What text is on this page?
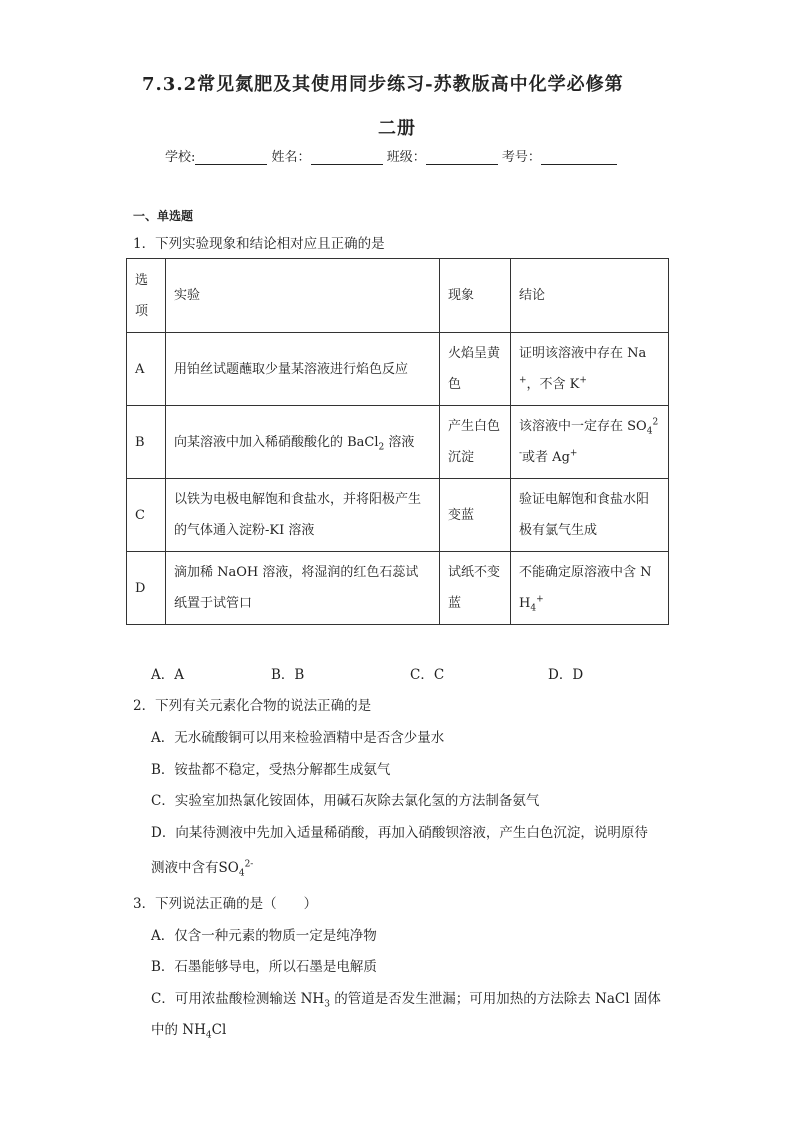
7.3.2常见氮肥及其使用同步练习-苏教版高中化学必修第
二册
学校:	姓名：	班级：	考号：
一、单选题
1．下列实验现象和结论相对应且正确的是
选项	实验	现象	结论
A	用铂丝试题蘸取少量某溶液进行焰色反应	火焰呈黄色	证明该溶液中存在 Na+，不含 K+

B	向某溶液中加入稀硝酸酸化的 BaCl$_2$ 溶液	产生白色沉淀	该溶液中一定存在 $SO_4^{2-}$或者 Ag+

C	以铁为电极电解饱和食盐水，并将阳极产生的气体通入淀粉-KI 溶液	变蓝	验证电解饱和食盐水阳极有氯气生成

D	滴加稀 NaOH 溶液，将湿润的红色石蕊试纸置于试管口	试纸不变蓝	不能确定原溶液中含 $NH_4^+$
A．A	B．B	C．C	D．D
2．下列有关元素化合物的说法正确的是
A．无水硫酸铜可以用来检验酒精中是否含少量水
B．铵盐都不稳定，受热分解都生成氨气
C．实验室加热氯化铵固体，用碱石灰除去氯化氢的方法制备氨气
D．向某待测液中先加入适量稀硝酸，再加入硝酸钡溶液，产生白色沉淀，说明原待
测液中含有$SO_4^{2-}$
3．下列说法正确的是（　　）
A．仅含一种元素的物质一定是纯净物
B．石墨能够导电，所以石墨是电解质
C．可用浓盐酸检测输送 $NH_3$ 的管道是否发生泄漏；可用加热的方法除去 NaCl 固体
中的 $NH_4Cl$
